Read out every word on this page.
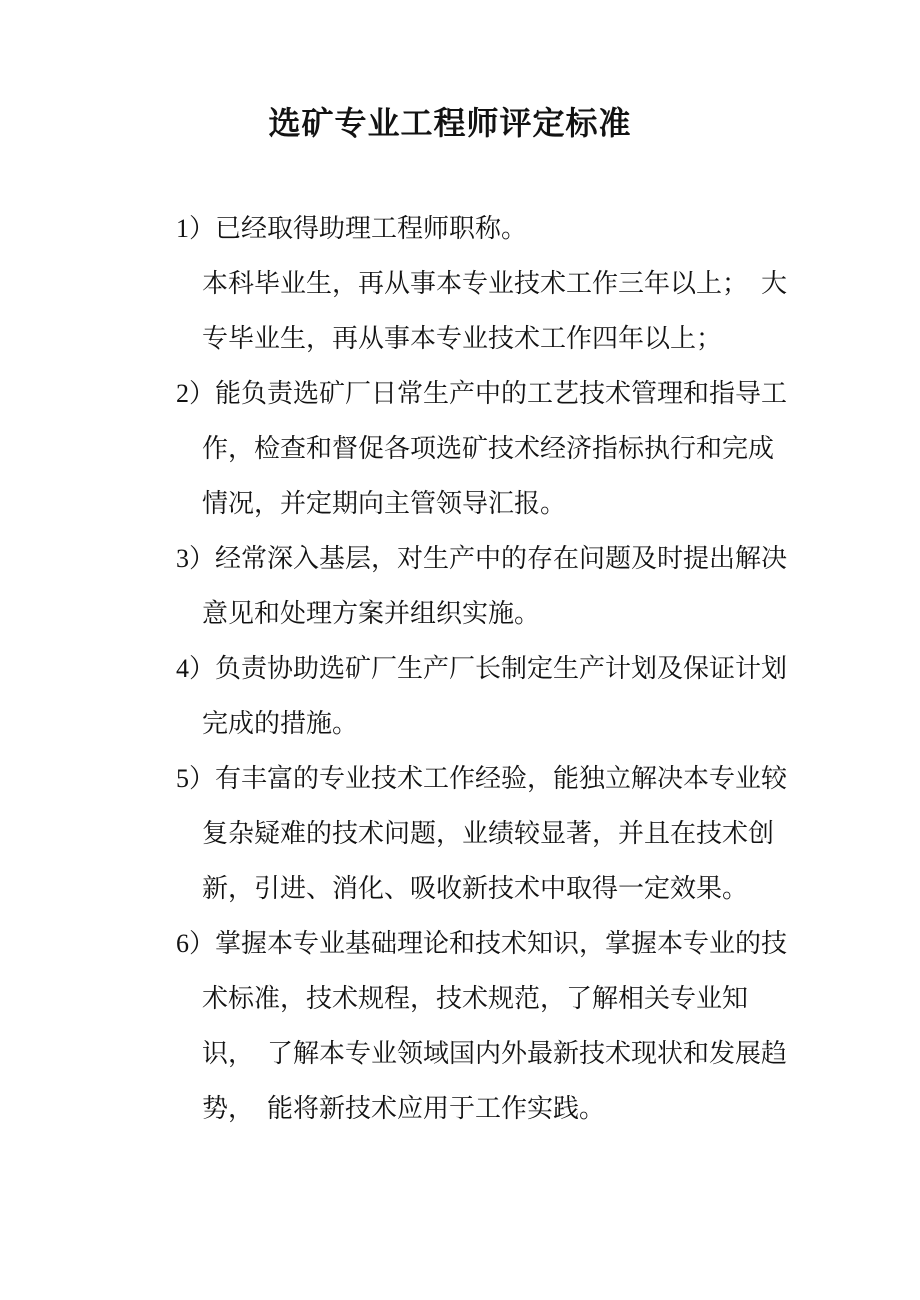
选矿专业工程师评定标准
1）已经取得助理工程师职称。
本科毕业生，再从事本专业技术工作三年以上；　大
专毕业生，再从事本专业技术工作四年以上；
2）能负责选矿厂日常生产中的工艺技术管理和指导工
作，检查和督促各项选矿技术经济指标执行和完成
情况，并定期向主管领导汇报。
3）经常深入基层，对生产中的存在问题及时提出解决
意见和处理方案并组织实施。
4）负责协助选矿厂生产厂长制定生产计划及保证计划
完成的措施。
5）有丰富的专业技术工作经验，能独立解决本专业较
复杂疑难的技术问题，业绩较显著，并且在技术创
新，引进、消化、吸收新技术中取得一定效果。
6）掌握本专业基础理论和技术知识，掌握本专业的技
术标准，技术规程，技术规范，了解相关专业知
识，　了解本专业领域国内外最新技术现状和发展趋
势，　能将新技术应用于工作实践。
